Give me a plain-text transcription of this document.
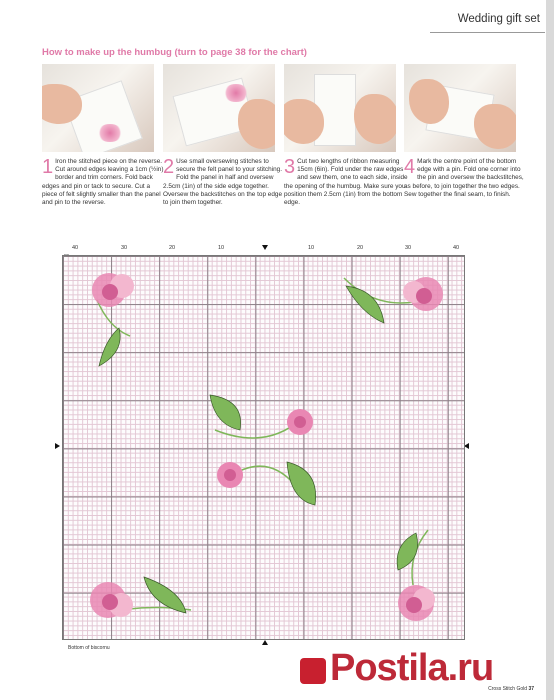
Wedding gift set
How to make up the humbug (turn to page 38 for the chart)
1 Iron the stitched piece on the reverse. Cut around edges leaving a 1cm (½in) border and trim corners. Fold back edges and pin or tack to secure. Cut a piece of felt slightly smaller than the panel and pin to the reverse.
2 Use small oversewing stitches to secure the felt panel to your stitching. Fold the panel in half and oversew 2.5cm (1in) of the side edge together. Oversew the backstitches on the top edge to join them together.
3 Cut two lengths of ribbon measuring 15cm (6in). Fold under the raw edges and sew them, one to each side, inside the opening of the humbug. Make sure you position them 2.5cm (1in) from the bottom edge.
4 Mark the centre point of the bottom edge with a pin. Fold one corner into the pin and oversew the backstitches, as before, to join together the two edges. Sew together the final seam, to finish.
40	30	20	10	10	20	30	40
Bottom of biscornu	Postila.ru
Cross Stitch Gold 37
